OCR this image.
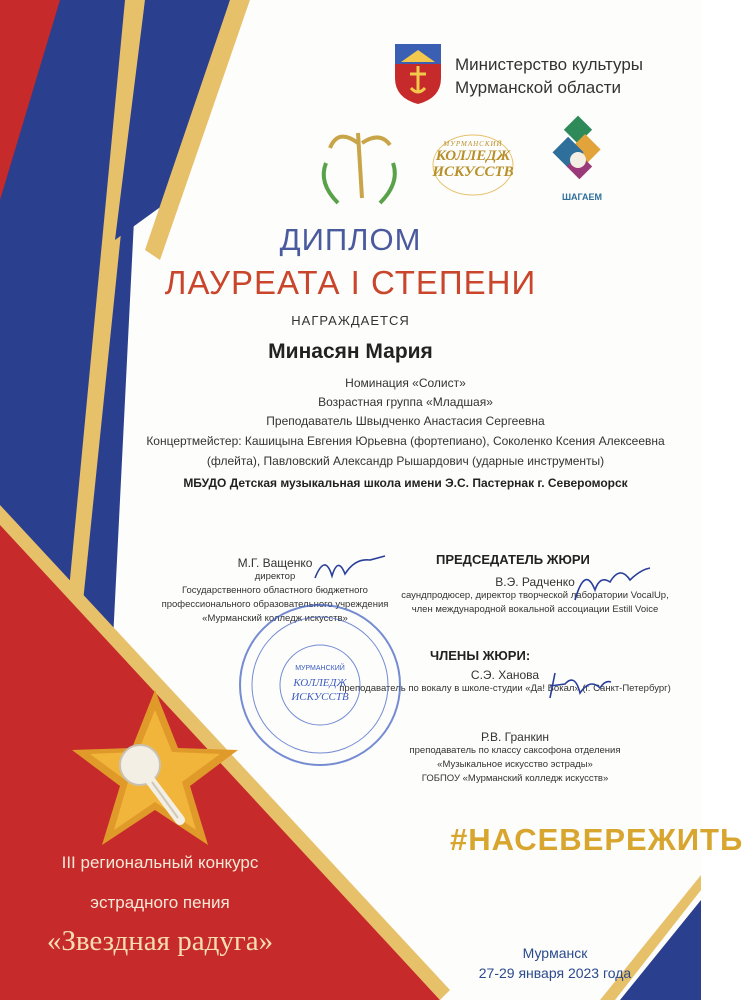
Министерство культуры
Мурманской области
МУРМАНСКИЙ
КОЛЛЕДЖ
ИСКУССТВ
ШАГАЕМ
ДИПЛОМ
ЛАУРЕАТА I СТЕПЕНИ
НАГРАЖДАЕТСЯ
Минасян Мария
Номинация «Солист»
Возрастная группа «Младшая»
Преподаватель Швыдченко Анастасия Сергеевна
Концертмейстер: Кашицына Евгения Юрьевна (фортепиано), Соколенко Ксения Алексеевна
(флейта), Павловский Александр Рышардович (ударные инструменты)
МБУДО Детская музыкальная школа имени Э.С. Пастернак г. Североморск
М.Г. Ващенко
директор
Государственного областного бюджетного
профессионального образовательного учреждения
«Мурманский колледж искусств»
ПРЕДСЕДАТЕЛЬ ЖЮРИ
В.Э. Радченко
саундпродюсер, директор творческой лаборатории VocalUp,
член международной вокальной ассоциации Estill Voice
ЧЛЕНЫ ЖЮРИ:
С.Э. Ханова
преподаватель по вокалу в школе-студии «Да! Вокал» (г. Санкт-Петербург)
Р.В. Гранкин
преподаватель по классу саксофона отделения
«Музыкальное искусство эстрады»
ГОБПОУ «Мурманский колледж искусств»
МУРМАНСКИЙ
КОЛЛЕДЖ
ИСКУССТВ
#НАСЕВЕРЕЖИТЬ
III региональный конкурс
эстрадного пения
«Звездная радуга»	Мурманск
27-29 января 2023 года
